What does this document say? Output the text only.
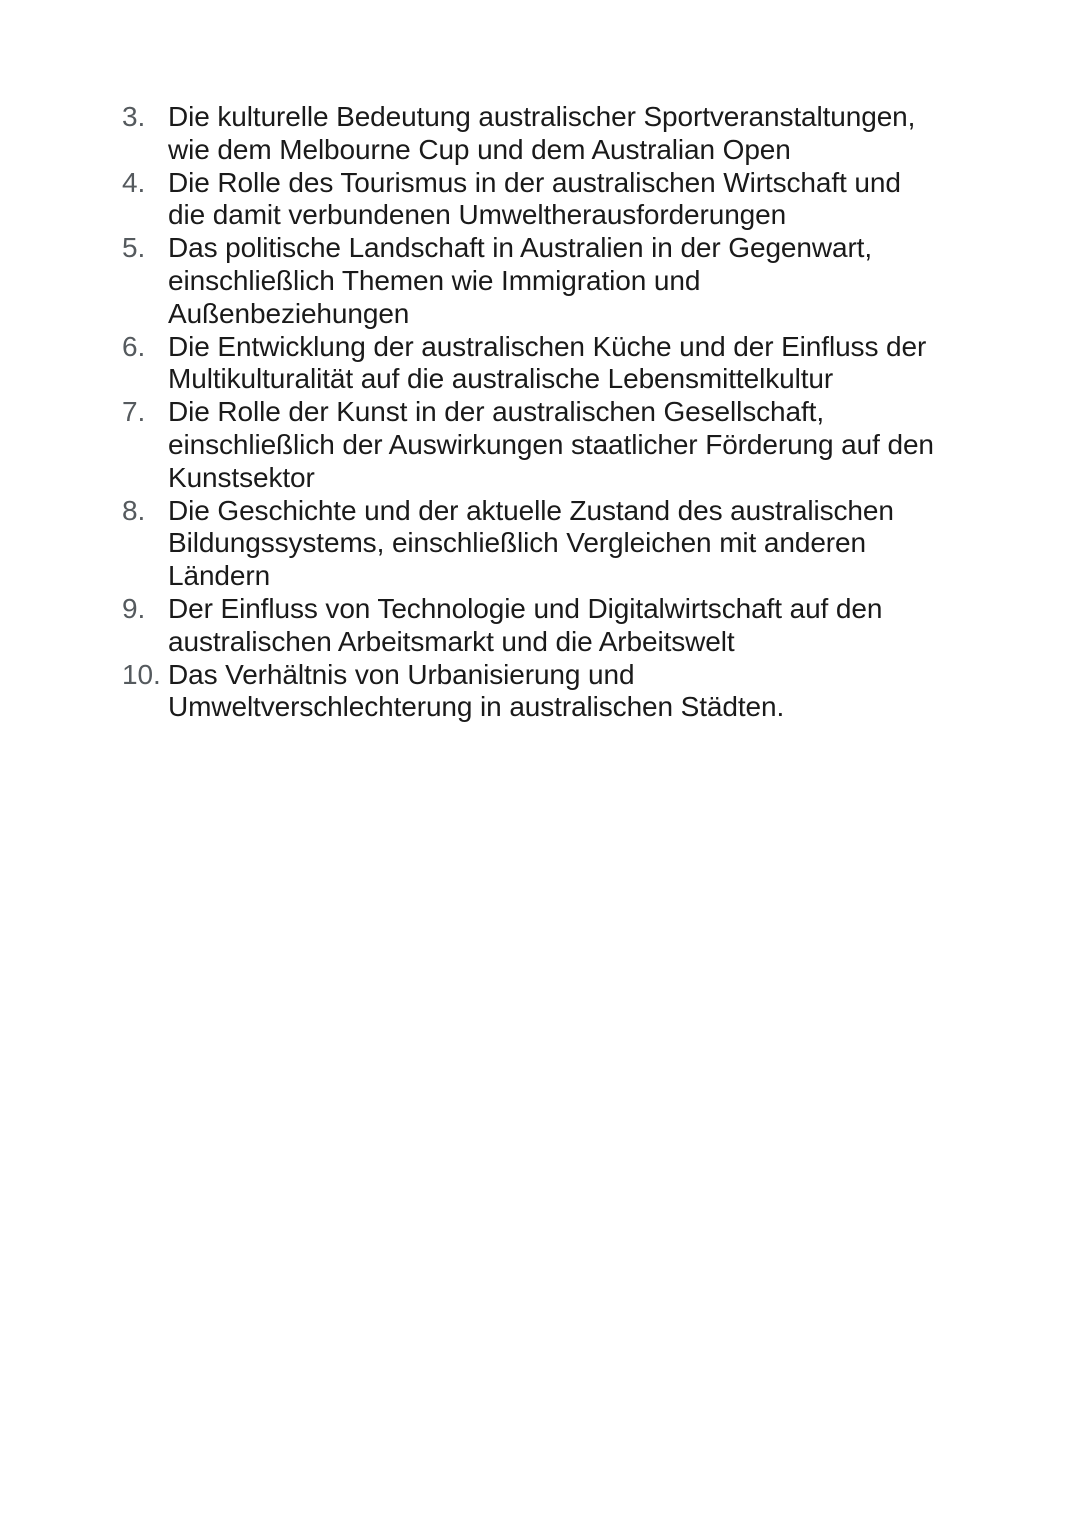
3. Die kulturelle Bedeutung australischer Sportveranstaltungen,
wie dem Melbourne Cup und dem Australian Open
4. Die Rolle des Tourismus in der australischen Wirtschaft und
die damit verbundenen Umweltherausforderungen
5. Das politische Landschaft in Australien in der Gegenwart,
einschließlich Themen wie Immigration und
Außenbeziehungen
6. Die Entwicklung der australischen Küche und der Einfluss der
Multikulturalität auf die australische Lebensmittelkultur
7. Die Rolle der Kunst in der australischen Gesellschaft,
einschließlich der Auswirkungen staatlicher Förderung auf den
Kunstsektor
8. Die Geschichte und der aktuelle Zustand des australischen
Bildungssystems, einschließlich Vergleichen mit anderen
Ländern
9. Der Einfluss von Technologie und Digitalwirtschaft auf den
australischen Arbeitsmarkt und die Arbeitswelt
10. Das Verhältnis von Urbanisierung und
Umweltverschlechterung in australischen Städten.
